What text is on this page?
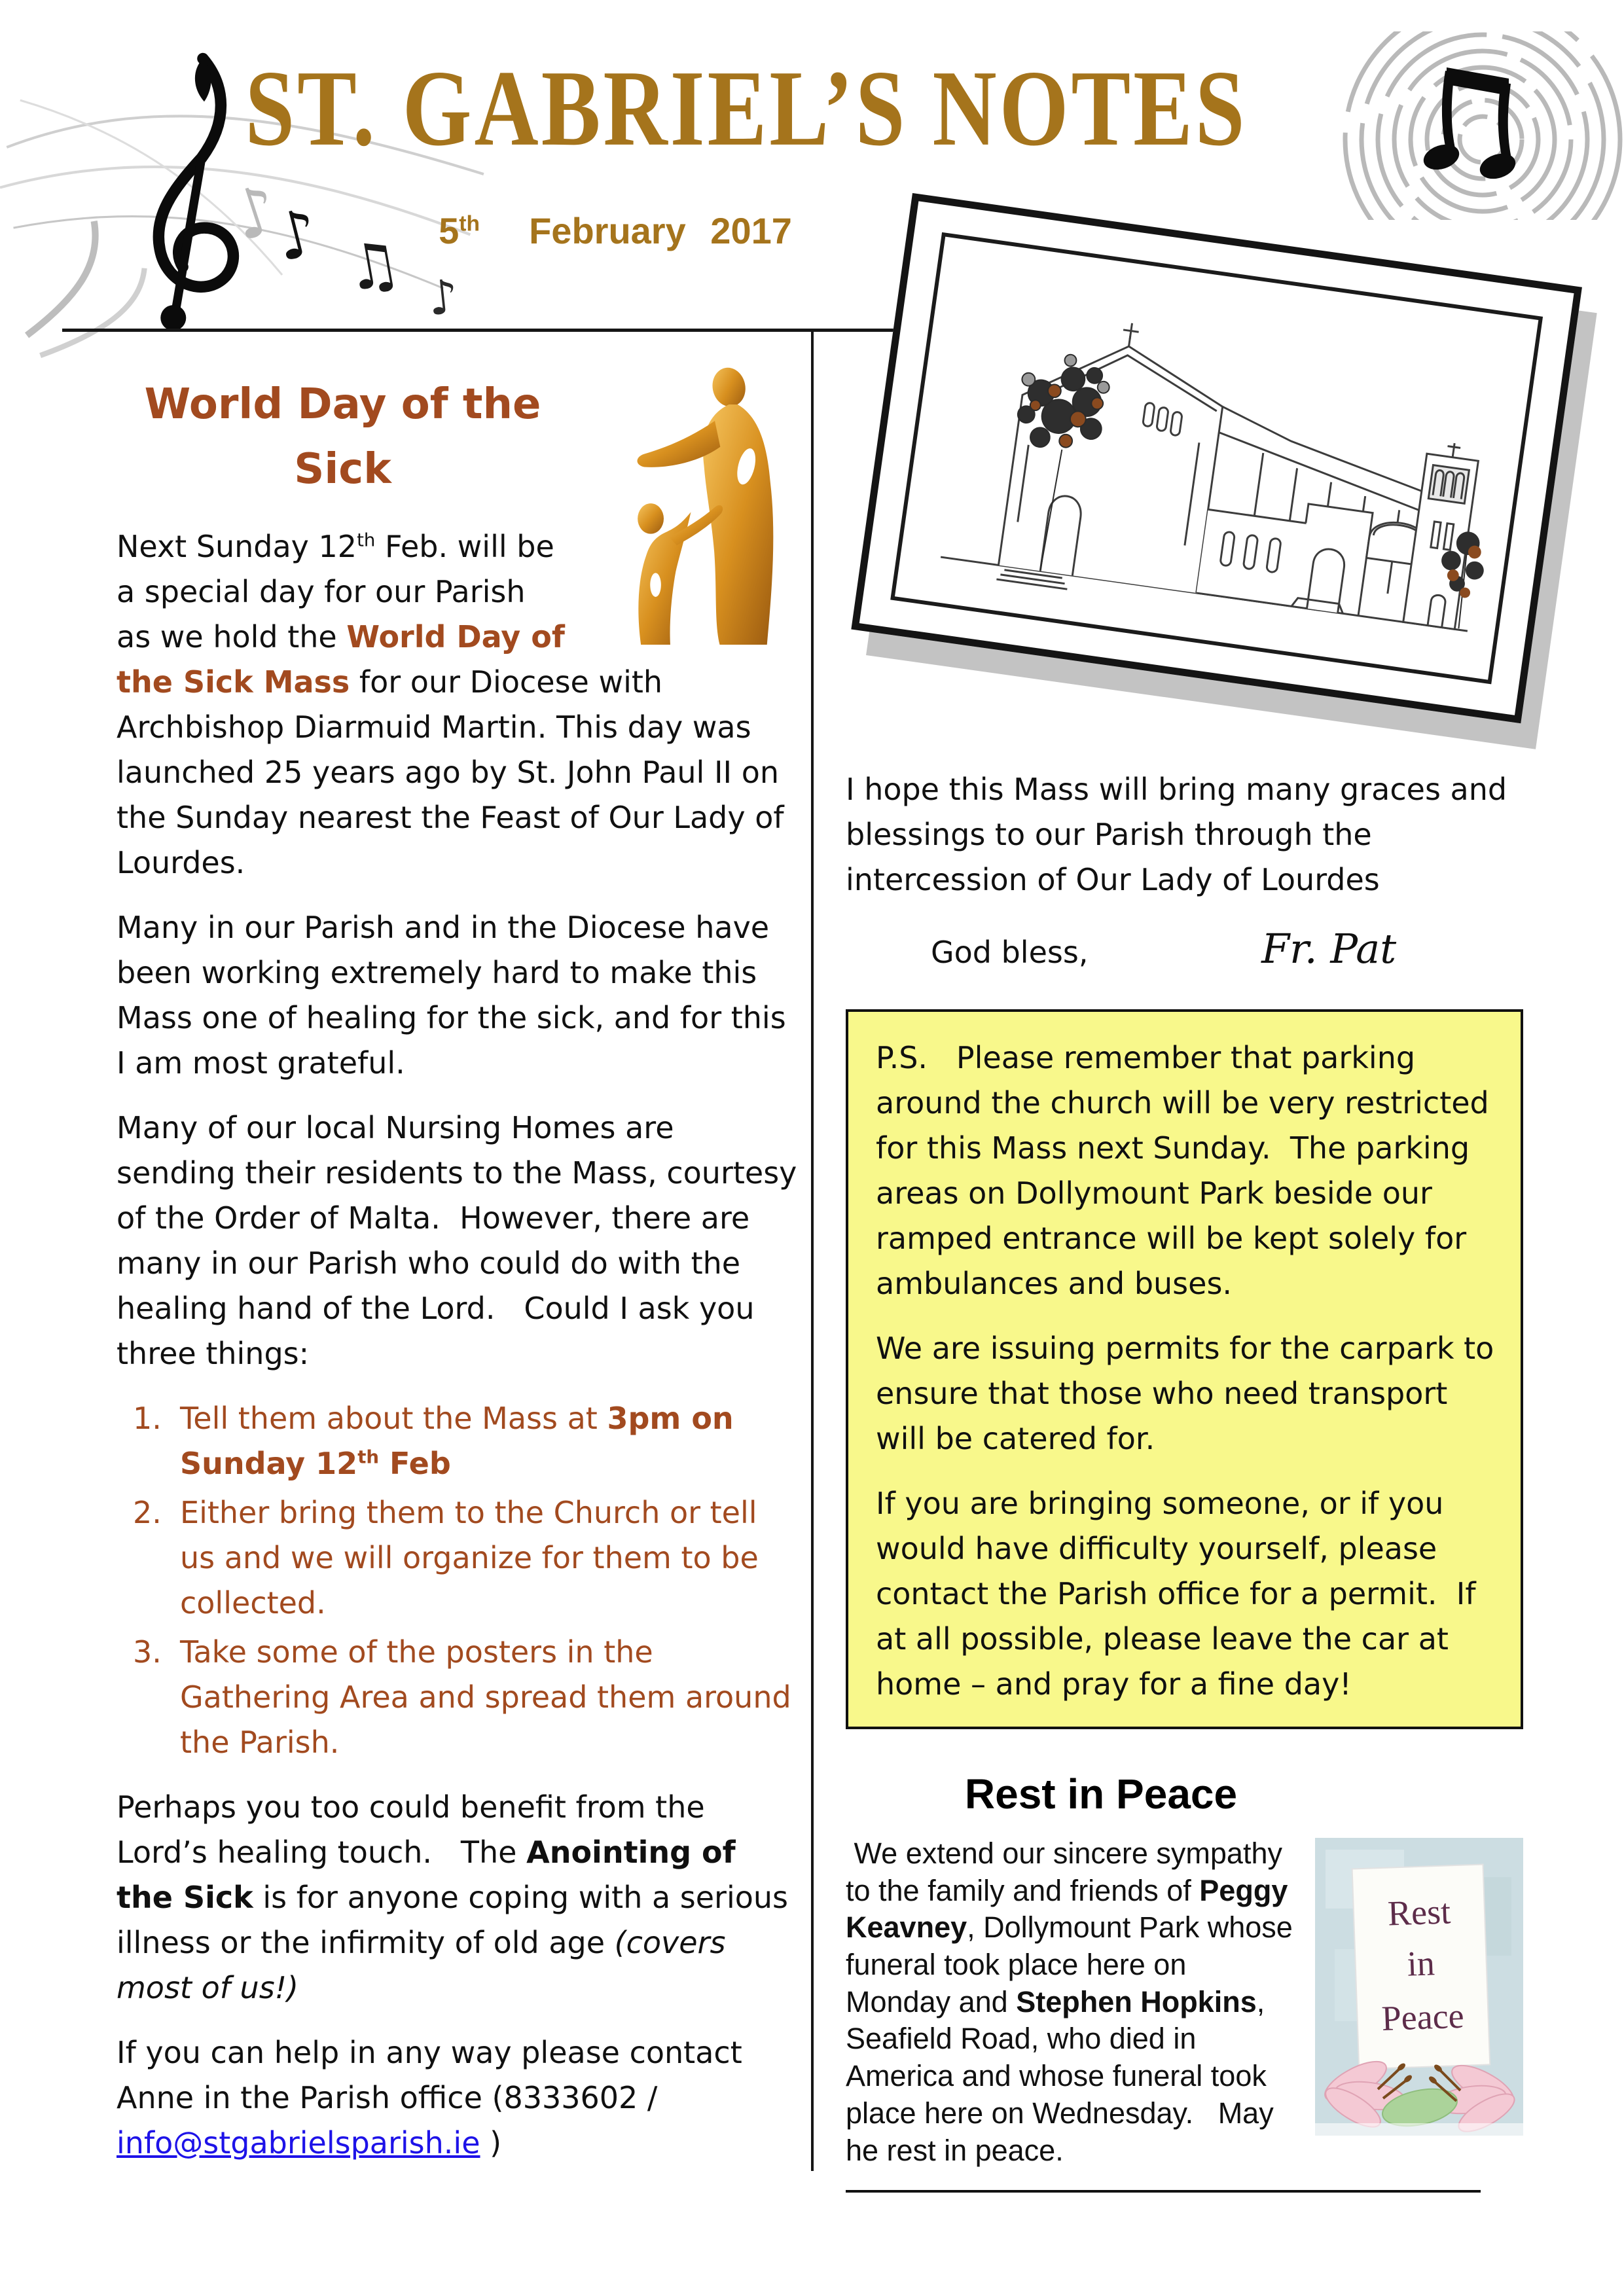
♪
♪ ♫ ♪
ST. GABRIEL’S NOTES
5th February 2017
World Day of the Sick

Next Sunday 12th Feb. will be a special day for our Parish as we hold the World Day of the Sick Mass for our Diocese with Archbishop Diarmuid Martin. This day was launched 25 years ago by St. John Paul II on the Sunday nearest the Feast of Our Lady of Lourdes.

Many in our Parish and in the Diocese have been working extremely hard to make this Mass one of healing for the sick, and for this I am most grateful.

Many of our local Nursing Homes are sending their residents to the Mass, courtesy of the Order of Malta.  However, there are many in our Parish who could do with the healing hand of the Lord.   Could I ask you three things:

Tell them about the Mass at 3pm on Sunday 12th Feb
Either bring them to the Church or tell us and we will organize for them to be collected.
Take some of the posters in the Gathering Area and spread them around the Parish.

Perhaps you too could benefit from the Lord’s healing touch.   The Anointing of the Sick is for anyone coping with a serious illness or the infirmity of old age (covers most of us!)

If you can help in any way please contact Anne in the Parish office (8333602 / info@stgabrielsparish.ie )

I hope this Mass will bring many graces and blessings to our Parish through the intercession of Our Lady of Lourdes

God bless,	Fr. Pat

P.S.   Please remember that parking around the church will be very restricted for this Mass next Sunday.  The parking areas on Dollymount Park beside our ramped entrance will be kept solely for ambulances and buses.

We are issuing permits for the carpark to ensure that those who need transport will be catered for.

If you are bringing someone, or if you would have difficulty yourself, please contact the Parish office for a permit.  If at all possible, please leave the car at home – and pray for a fine day!

Rest in Peace
Rest
in
Peace
We extend our sincere sympathy to the family and friends of Peggy Keavney, Dollymount Park whose funeral took place here on Monday and Stephen Hopkins, Seafield Road, who died in America and whose funeral took place here on Wednesday.   May he rest in peace.
